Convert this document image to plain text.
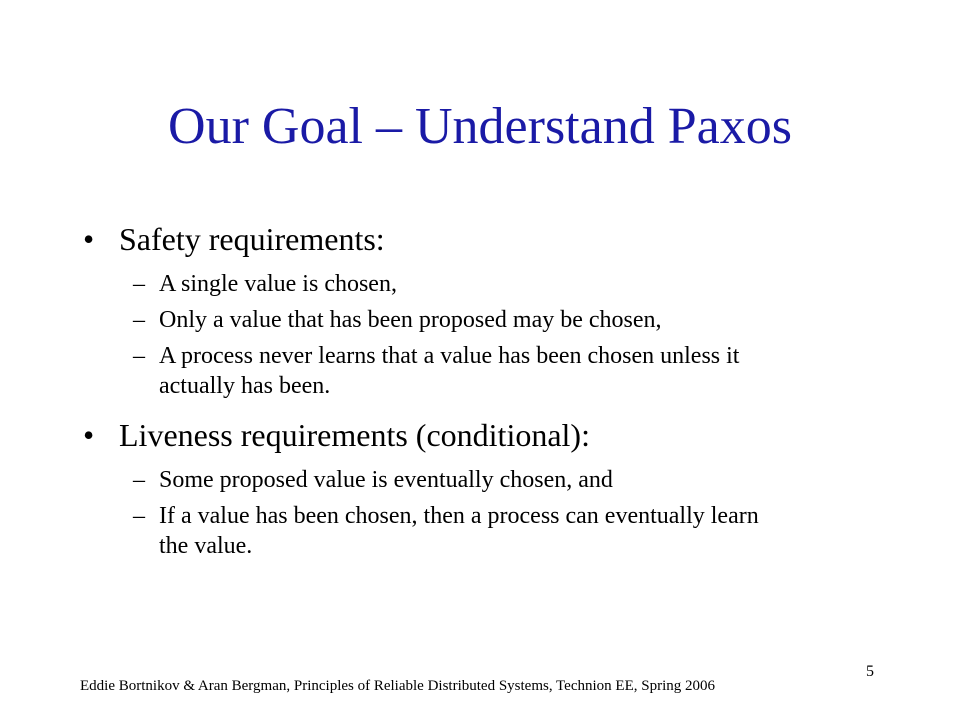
Our Goal – Understand Paxos
• Safety requirements:
– A single value is chosen,
– Only a value that has been proposed may be chosen,
– A process never learns that a value has been chosen unless it actually has been.
• Liveness requirements (conditional):
– Some proposed value is eventually chosen, and
– If a value has been chosen, then a process can eventually learn the value.
Eddie Bortnikov & Aran Bergman, Principles of Reliable Distributed Systems, Technion EE, Spring 2006
5
